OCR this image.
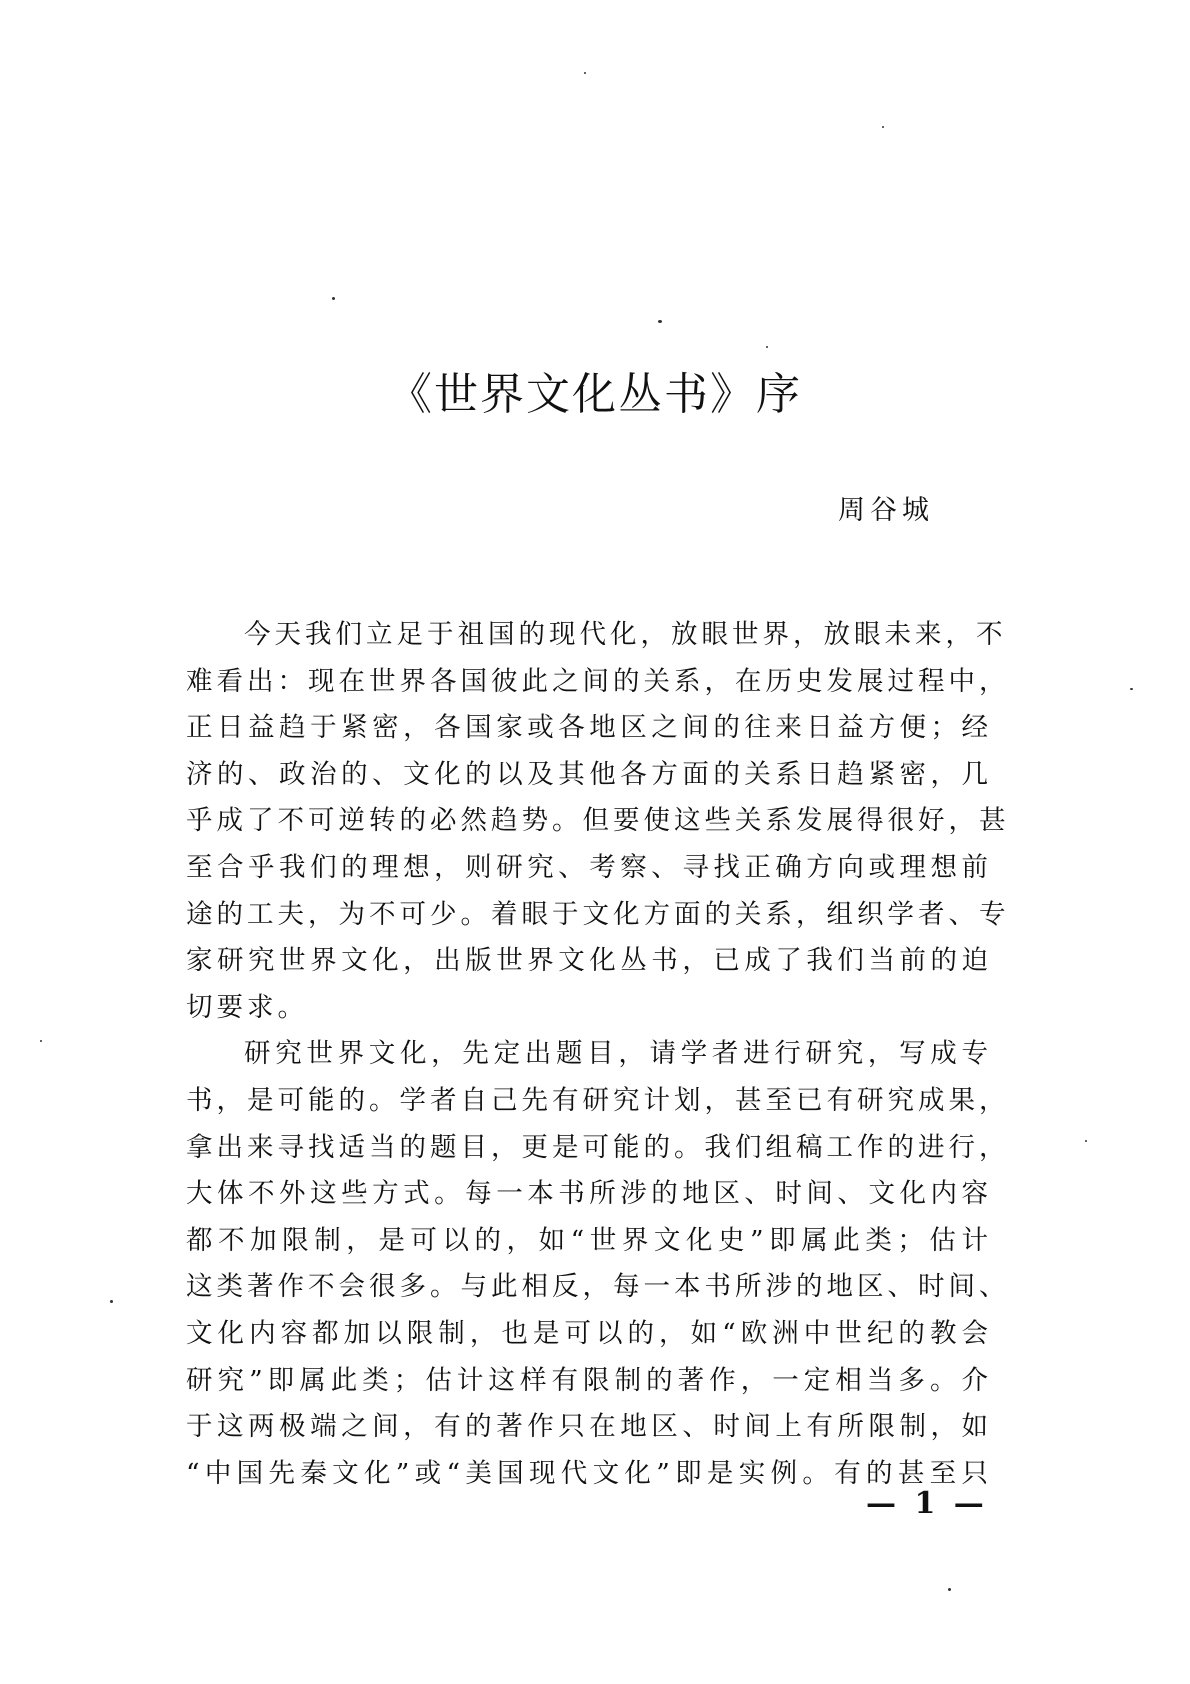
《世界文化丛书》序
周谷城

今天我们立足于祖国的现代化，放眼世界，放眼未来，不
难看出：现在世界各国彼此之间的关系，在历史发展过程中，
正日益趋于紧密，各国家或各地区之间的往来日益方便；经
济的、政治的、文化的以及其他各方面的关系日趋紧密，几
乎成了不可逆转的必然趋势。但要使这些关系发展得很好，甚
至合乎我们的理想，则研究、考察、寻找正确方向或理想前
途的工夫，为不可少。着眼于文化方面的关系，组织学者、专
家研究世界文化，出版世界文化丛书，已成了我们当前的迫
切要求。

研究世界文化，先定出题目，请学者进行研究，写成专
书，是可能的。学者自己先有研究计划，甚至已有研究成果，
拿出来寻找适当的题目，更是可能的。我们组稿工作的进行，
大体不外这些方式。每一本书所涉的地区、时间、文化内容
都不加限制，是可以的，如“世界文化史”即属此类；估计
这类著作不会很多。与此相反，每一本书所涉的地区、时间、
文化内容都加以限制，也是可以的，如“欧洲中世纪的教会
研究”即属此类；估计这样有限制的著作，一定相当多。介
于这两极端之间，有的著作只在地区、时间上有所限制，如
“中国先秦文化”或“美国现代文化”即是实例。有的甚至只

— 1 —
